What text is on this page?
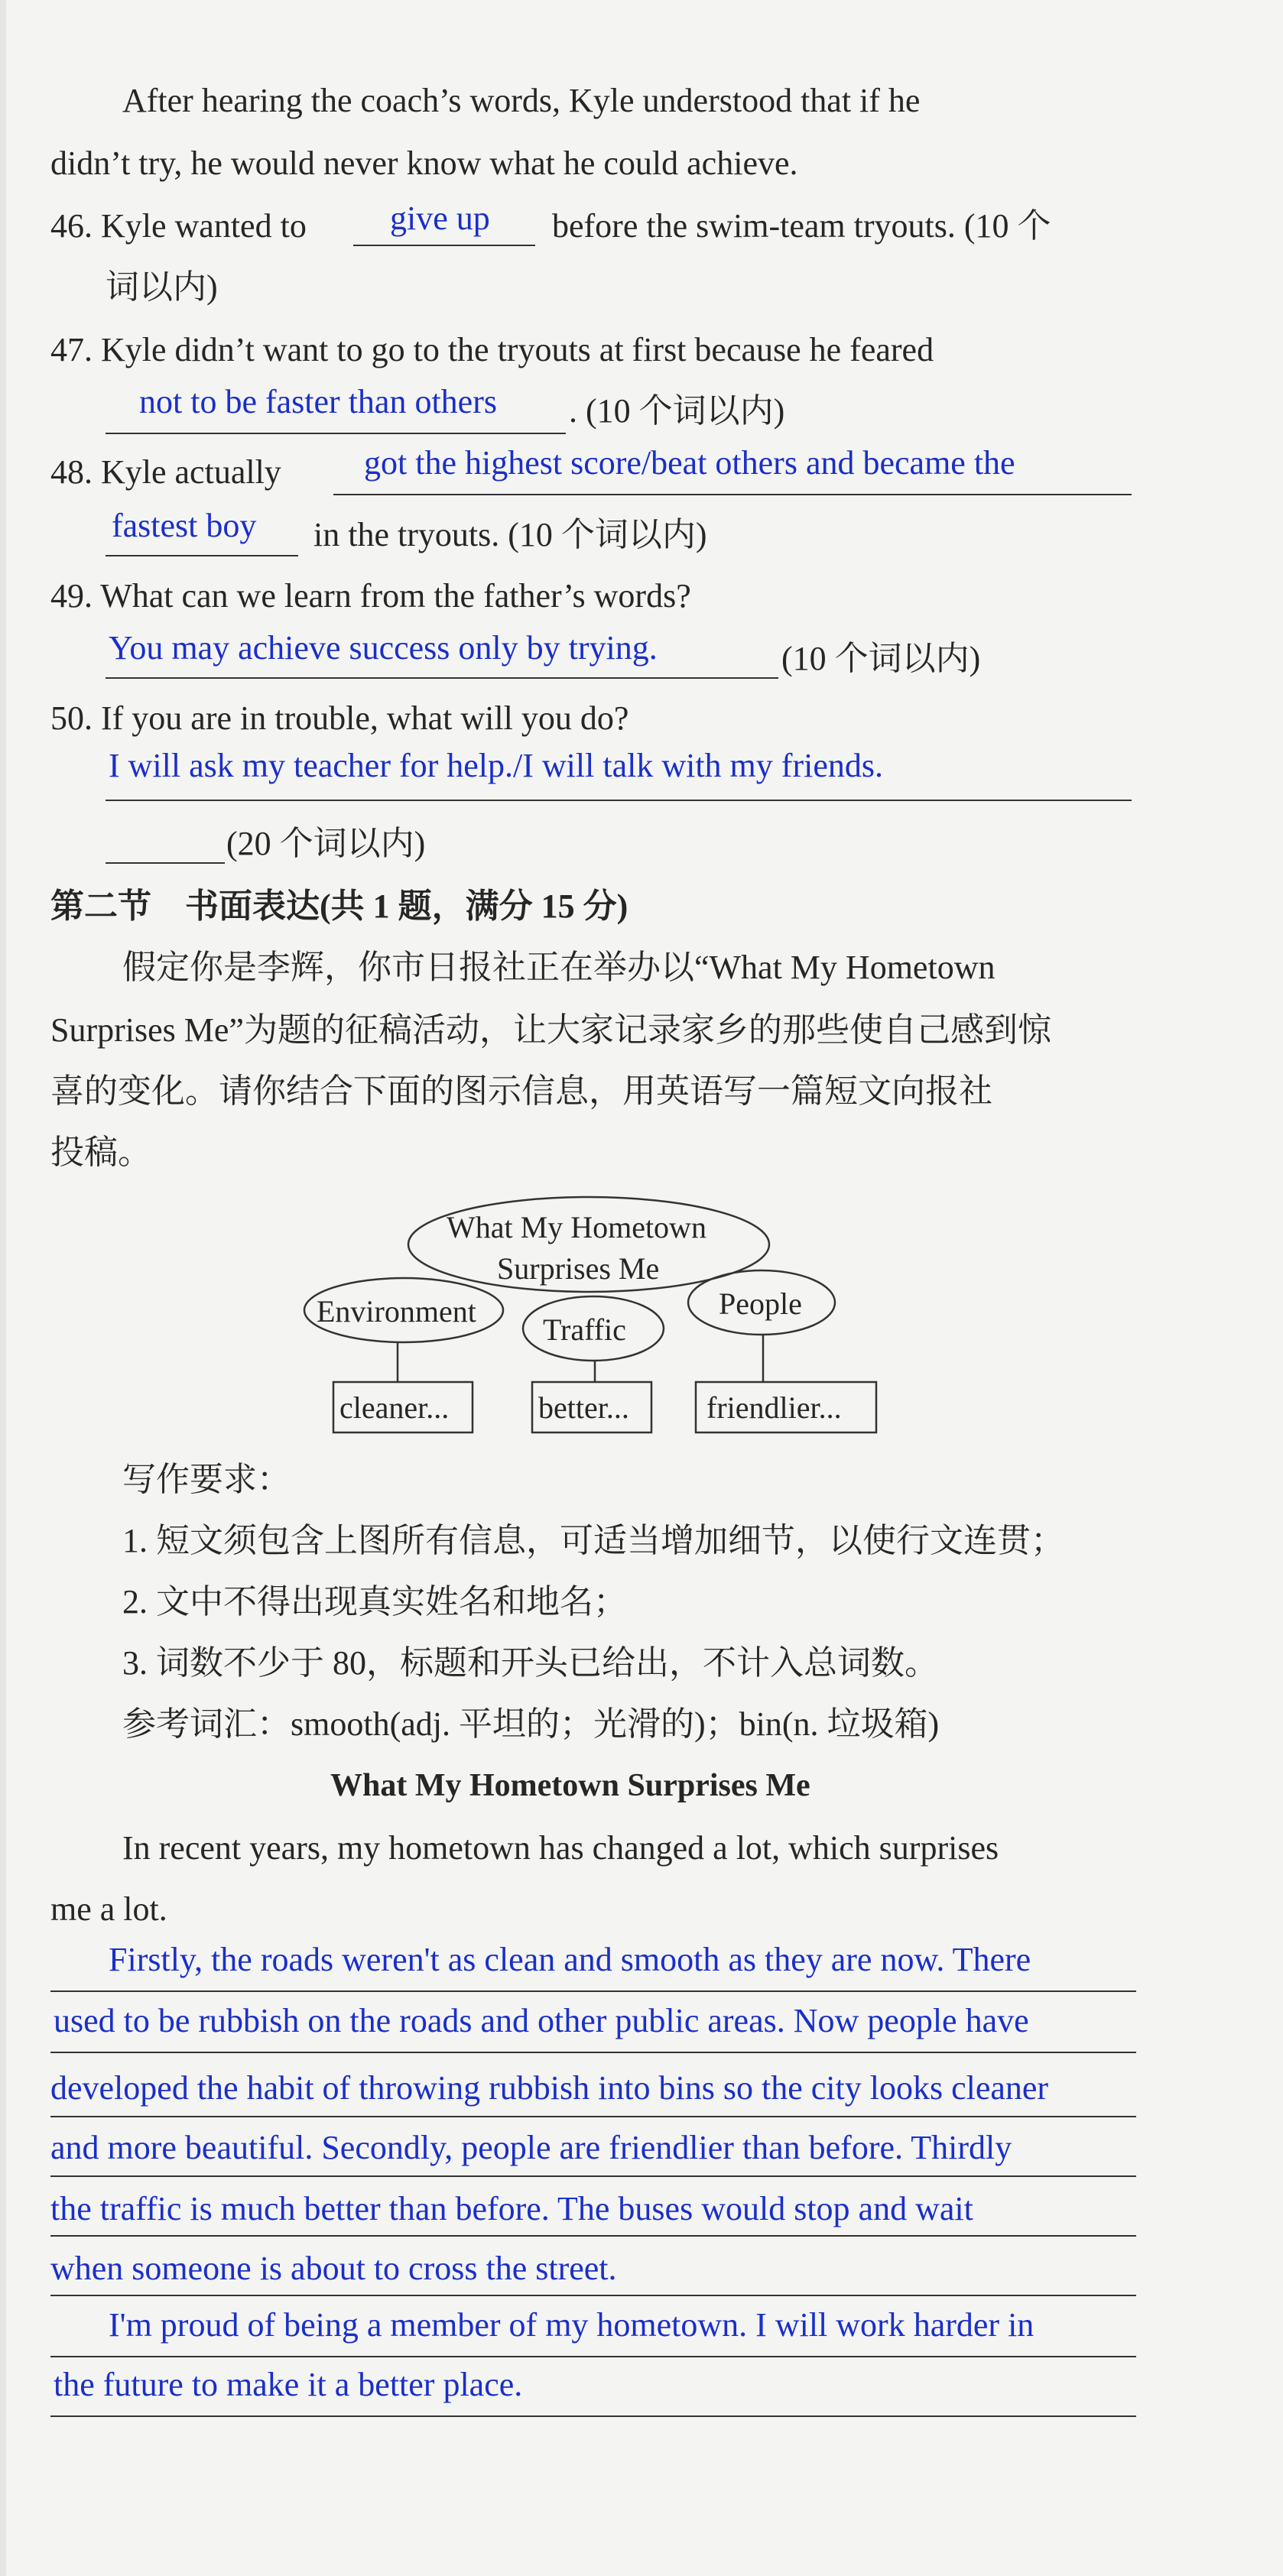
After hearing the coach’s words, Kyle understood that if he
didn’t try, he would never know what he could achieve.
46. Kyle wanted to give up before the swim-team tryouts. (10 个
词以内)
47. Kyle didn’t want to go to the tryouts at first because he feared
not to be faster than others . (10 个词以内)
48. Kyle actually got the highest score/beat others and became the
fastest boy in the tryouts. (10 个词以内)
49. What can we learn from the father’s words?
You may achieve success only by trying.	(10 个词以内)
50. If you are in trouble, what will you do?
I will ask my teacher for help./I will talk with my friends.
(20 个词以内)
第二节　书面表达(共 1 题，满分 15 分)
假定你是李辉，你市日报社正在举办以“What My Hometown
Surprises Me”为题的征稿活动，让大家记录家乡的那些使自己感到惊
喜的变化。请你结合下面的图示信息，用英语写一篇短文向报社
投稿。
What My Hometown
Surprises Me
Environment
Traffic
People
cleaner...	better...	friendlier...
写作要求：
1. 短文须包含上图所有信息，可适当增加细节，以使行文连贯；
2. 文中不得出现真实姓名和地名；
3. 词数不少于 80，标题和开头已给出，不计入总词数。
参考词汇：smooth(adj. 平坦的；光滑的)；bin(n. 垃圾箱)
What My Hometown Surprises Me
In recent years, my hometown has changed a lot, which surprises
me a lot.
Firstly, the roads weren't as clean and smooth as they are now. There
used to be rubbish on the roads and other public areas. Now people have
developed the habit of throwing rubbish into bins so the city looks cleaner
and more beautiful. Secondly, people are friendlier than before. Thirdly
the traffic is much better than before. The buses would stop and wait
when someone is about to cross the street.
I'm proud of being a member of my hometown. I will work harder in
the future to make it a better place.
